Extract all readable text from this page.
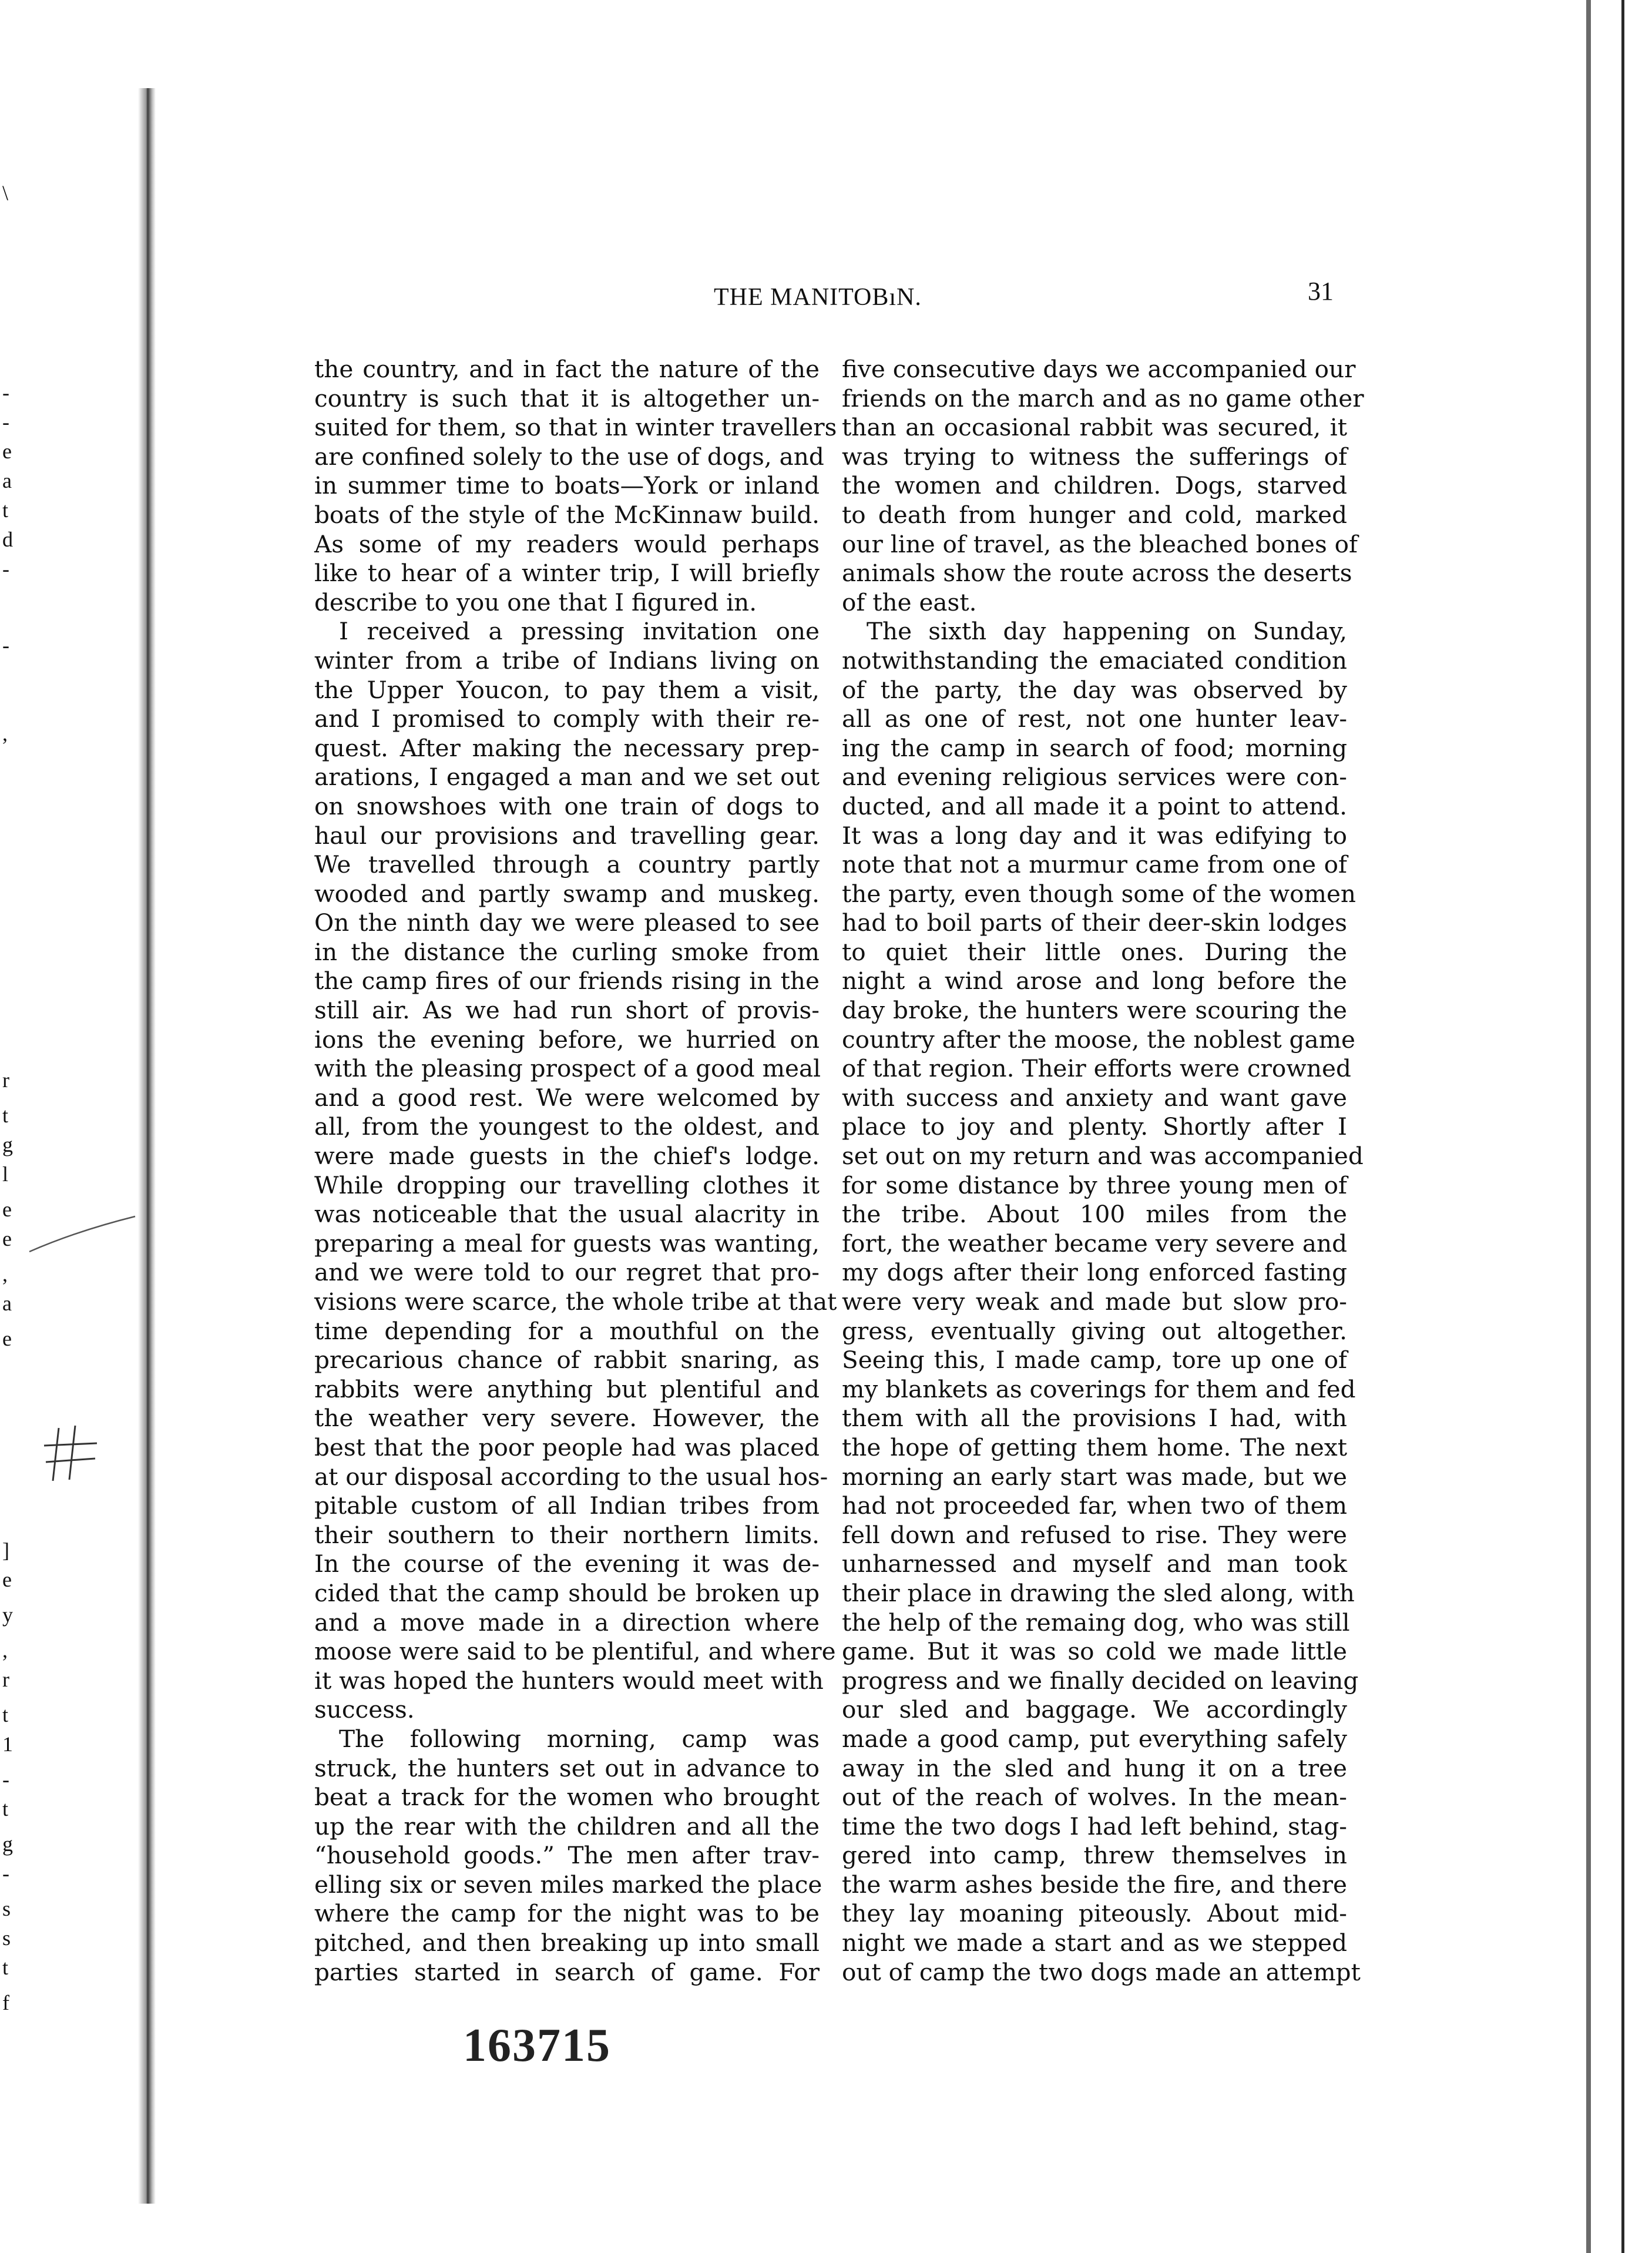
\
-
-
e
a
t
d
-
-
,
r
t
g
l
e
e
,
a
e
]
e
y
,
r
t
1
-
t
g
-
s
s
t
f
THE MANITOBıN.	31
the country, and in fact the nature of the
country is such that it is altogether un-
suited for them, so that in winter travellers
are confined solely to the use of dogs, and
in summer time to boats—York or inland
boats of the style of the McKinnaw build.
As some of my readers would perhaps
like to hear of a winter trip, I will briefly
describe to you one that I figured in.
I received a pressing invitation one
winter from a tribe of Indians living on
the Upper Youcon, to pay them a visit,
and I promised to comply with their re-
quest. After making the necessary prep-
arations, I engaged a man and we set out
on snowshoes with one train of dogs to
haul our provisions and travelling gear.
We travelled through a country partly
wooded and partly swamp and muskeg.
On the ninth day we were pleased to see
in the distance the curling smoke from
the camp fires of our friends rising in the
still air. As we had run short of provis-
ions the evening before, we hurried on
with the pleasing prospect of a good meal
and a good rest. We were welcomed by
all, from the youngest to the oldest, and
were made guests in the chief's lodge.
While dropping our travelling clothes it
was noticeable that the usual alacrity in
preparing a meal for guests was wanting,
and we were told to our regret that pro-
visions were scarce, the whole tribe at that
time depending for a mouthful on the
precarious chance of rabbit snaring, as
rabbits were anything but plentiful and
the weather very severe. However, the
best that the poor people had was placed
at our disposal according to the usual hos-
pitable custom of all Indian tribes from
their southern to their northern limits.
In the course of the evening it was de-
cided that the camp should be broken up
and a move made in a direction where
moose were said to be plentiful, and where
it was hoped the hunters would meet with
success.
The following morning, camp was
struck, the hunters set out in advance to
beat a track for the women who brought
up the rear with the children and all the
“household goods.” The men after trav-
elling six or seven miles marked the place
where the camp for the night was to be
pitched, and then breaking up into small
parties started in search of game. For
five consecutive days we accompanied our
friends on the march and as no game other
than an occasional rabbit was secured, it
was trying to witness the sufferings of
the women and children. Dogs, starved
to death from hunger and cold, marked
our line of travel, as the bleached bones of
animals show the route across the deserts
of the east.
The sixth day happening on Sunday,
notwithstanding the emaciated condition
of the party, the day was observed by
all as one of rest, not one hunter leav-
ing the camp in search of food; morning
and evening religious services were con-
ducted, and all made it a point to attend.
It was a long day and it was edifying to
note that not a murmur came from one of
the party, even though some of the women
had to boil parts of their deer-skin lodges
to quiet their little ones. During the
night a wind arose and long before the
day broke, the hunters were scouring the
country after the moose, the noblest game
of that region. Their efforts were crowned
with success and anxiety and want gave
place to joy and plenty. Shortly after I
set out on my return and was accompanied
for some distance by three young men of
the tribe. About 100 miles from the
fort, the weather became very severe and
my dogs after their long enforced fasting
were very weak and made but slow pro-
gress, eventually giving out altogether.
Seeing this, I made camp, tore up one of
my blankets as coverings for them and fed
them with all the provisions I had, with
the hope of getting them home. The next
morning an early start was made, but we
had not proceeded far, when two of them
fell down and refused to rise. They were
unharnessed and myself and man took
their place in drawing the sled along, with
the help of the remaing dog, who was still
game. But it was so cold we made little
progress and we finally decided on leaving
our sled and baggage. We accordingly
made a good camp, put everything safely
away in the sled and hung it on a tree
out of the reach of wolves. In the mean-
time the two dogs I had left behind, stag-
gered into camp, threw themselves in
the warm ashes beside the fire, and there
they lay moaning piteously. About mid-
night we made a start and as we stepped
out of camp the two dogs made an attempt
163715
